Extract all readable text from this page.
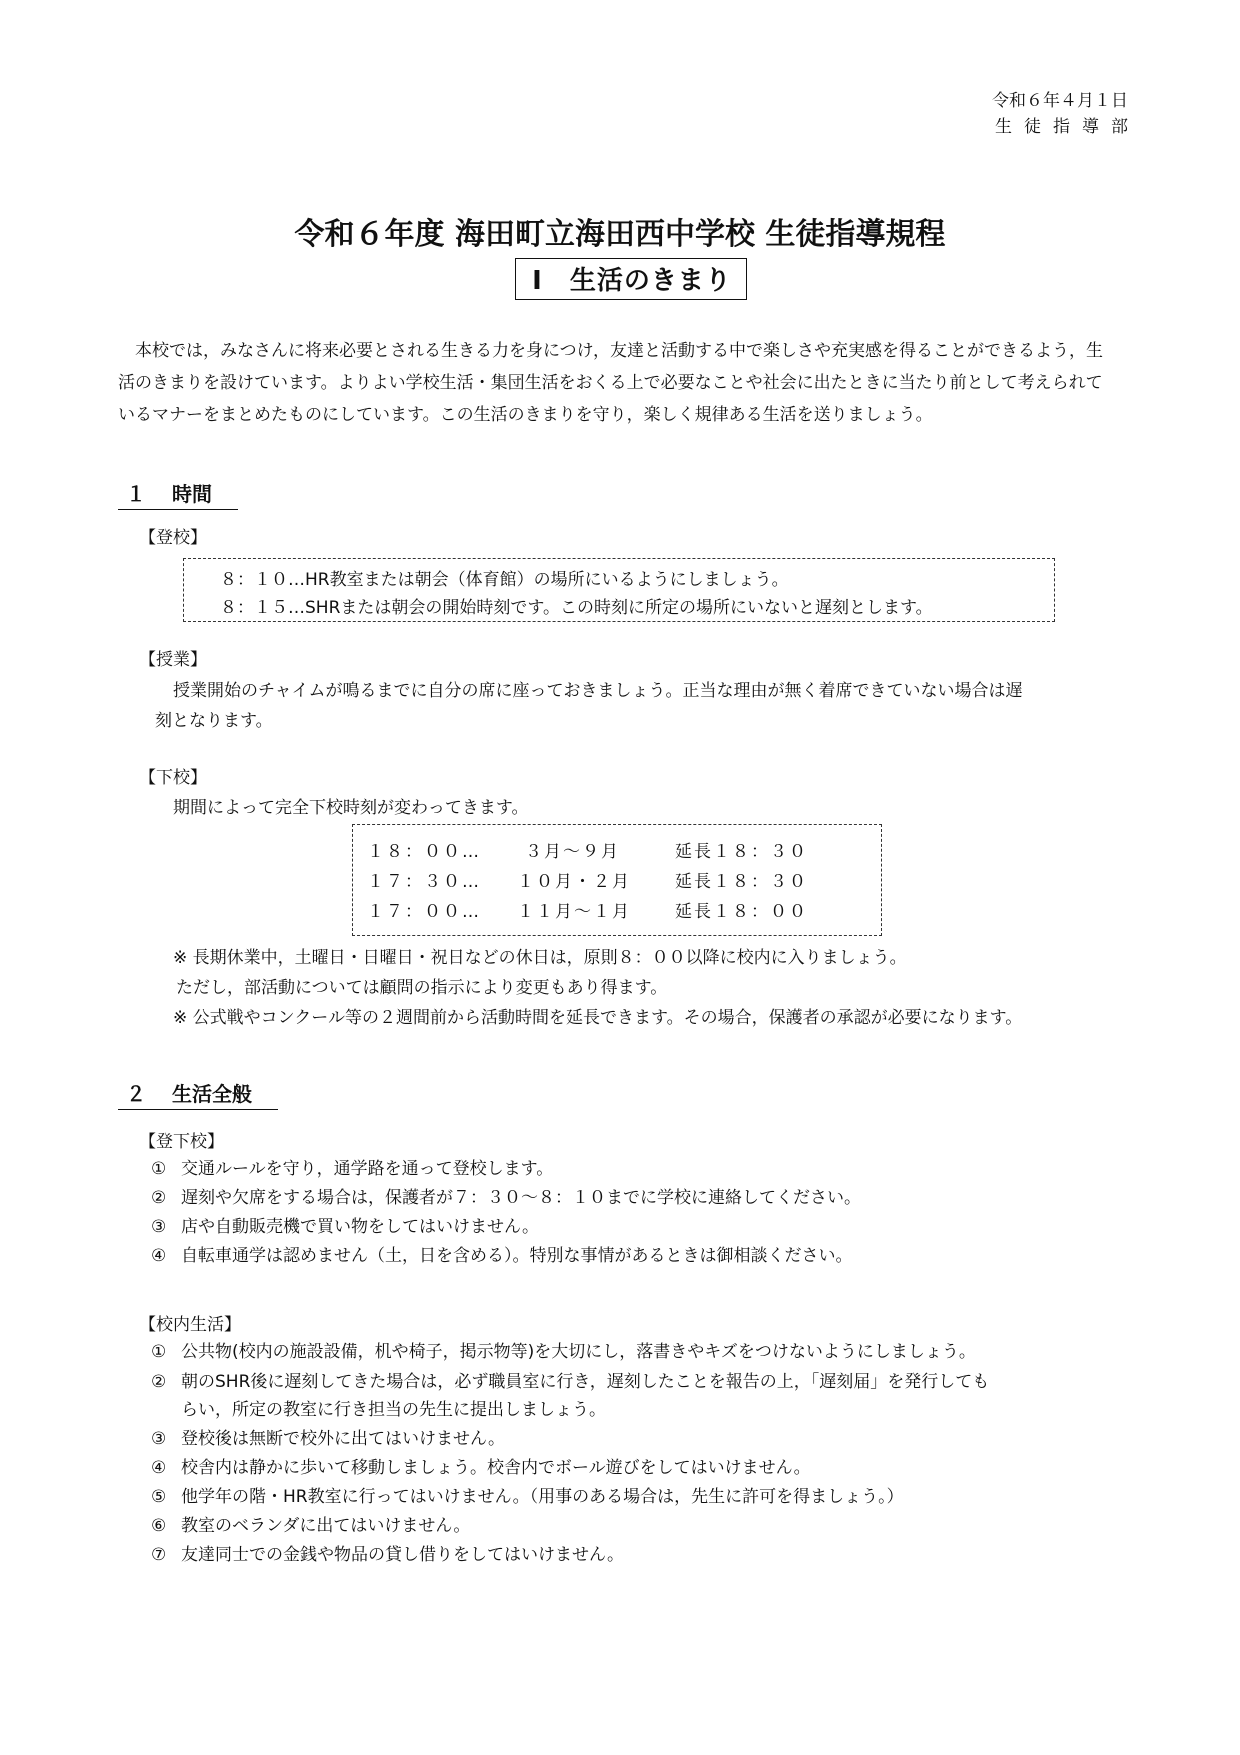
令和６年４月１日
生徒指導部
令和６年度 海田町立海田西中学校 生徒指導規程
Ⅰ　生活のきまり
本校では，みなさんに将来必要とされる生きる力を身につけ，友達と活動する中で楽しさや充実感を得ることができるよう，生活のきまりを設けています。よりよい学校生活・集団生活をおくる上で必要なことや社会に出たときに当たり前として考えられているマナーをまとめたものにしています。この生活のきまりを守り，楽しく規律ある生活を送りましょう。
１ 時間
【登校】
８：１０…HR教室または朝会（体育館）の場所にいるようにしましょう。
８：１５…SHRまたは朝会の開始時刻です。この時刻に所定の場所にいないと遅刻とします。
【授業】
授業開始のチャイムが鳴るまでに自分の席に座っておきましょう。正当な理由が無く着席できていない場合は遅
刻となります。
【下校】
期間によって完全下校時刻が変わってきます。
１８：００…	３月～９月	延長１８：３０
１７：３０… １０月・２月	延長１８：３０
１７：００… １１月～１月	延長１８：００
※ 長期休業中，土曜日・日曜日・祝日などの休日は，原則８：００以降に校内に入りましょう。
ただし，部活動については顧問の指示により変更もあり得ます。
※ 公式戦やコンクール等の２週間前から活動時間を延長できます。その場合，保護者の承認が必要になります。
２ 生活全般
【登下校】
① 交通ルールを守り，通学路を通って登校します。
② 遅刻や欠席をする場合は，保護者が７：３０～８：１０までに学校に連絡してください。
③ 店や自動販売機で買い物をしてはいけません。
④ 自転車通学は認めません（土，日を含める）。特別な事情があるときは御相談ください。
【校内生活】
① 公共物(校内の施設設備，机や椅子，掲示物等)を大切にし，落書きやキズをつけないようにしましょう。
② 朝のSHR後に遅刻してきた場合は，必ず職員室に行き，遅刻したことを報告の上，「遅刻届」を発行しても
らい，所定の教室に行き担当の先生に提出しましょう。
③ 登校後は無断で校外に出てはいけません。
④ 校舎内は静かに歩いて移動しましょう。校舎内でボール遊びをしてはいけません。
⑤ 他学年の階・HR教室に行ってはいけません。（用事のある場合は，先生に許可を得ましょう。）
⑥ 教室のベランダに出てはいけません。
⑦ 友達同士での金銭や物品の貸し借りをしてはいけません。
